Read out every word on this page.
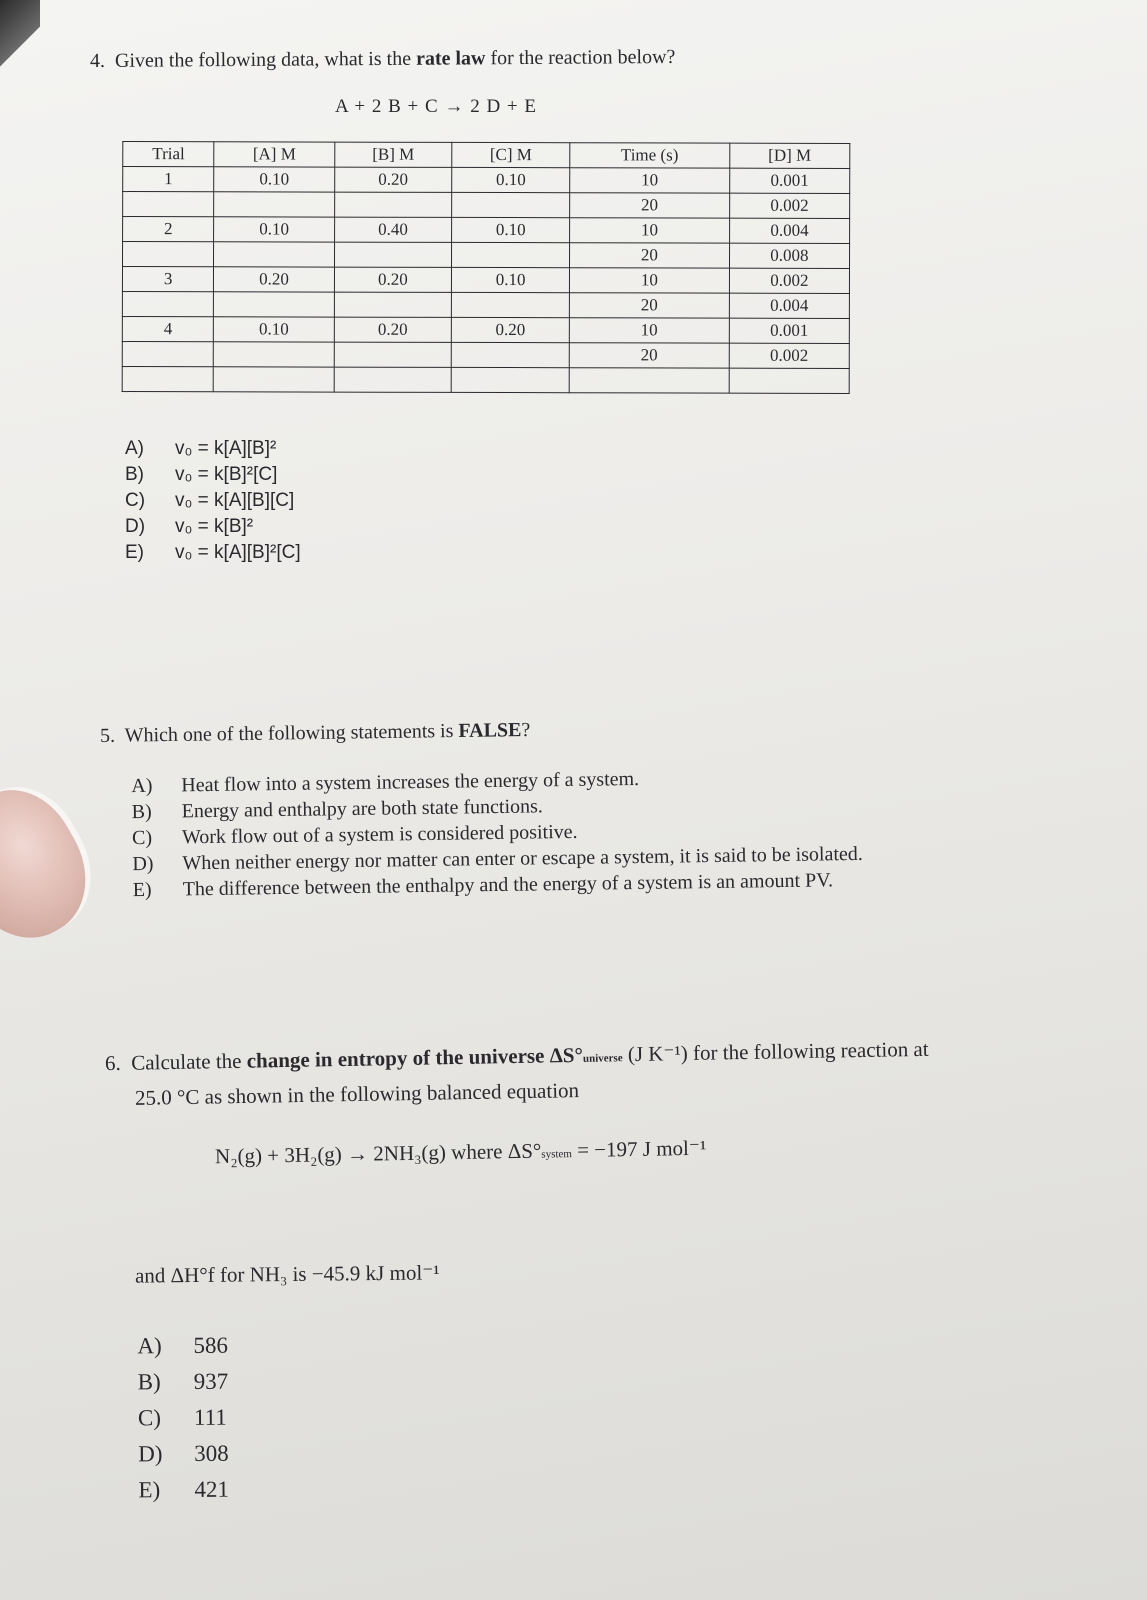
4. Given the following data, what is the rate law for the reaction below?
A + 2 B + C → 2 D + E
Trial	[A] M	[B] M	[C] M	Time (s)	[D] M
1	0.10	0.20	0.10	10	0.001
				20	0.002
2	0.10	0.40	0.10	10	0.004
				20	0.008
3	0.20	0.20	0.10	10	0.002
				20	0.004
4	0.10	0.20	0.20	10	0.001
				20	0.002

A)	v₀ = k[A][B]²
B)	v₀ = k[B]²[C]
C)	v₀ = k[A][B][C]
D)	v₀ = k[B]²
E)	v₀ = k[A][B]²[C]
5. Which one of the following statements is FALSE?
A)	Heat flow into a system increases the energy of a system.
B)	Energy and enthalpy are both state functions.
C)	Work flow out of a system is considered positive.
D)	When neither energy nor matter can enter or escape a system, it is said to be isolated.
E)	The difference between the enthalpy and the energy of a system is an amount PV.
6. Calculate the change in entropy of the universe ΔS°universe (J K⁻¹) for the following reaction at
25.0 °C as shown in the following balanced equation
N₂(g) + 3H₂(g) → 2NH₃(g) where ΔS°system = −197 J mol⁻¹
and ΔH°f for NH₃ is −45.9 kJ mol⁻¹
A)	586
B)	937
C)	111
D)	308
E)	421
